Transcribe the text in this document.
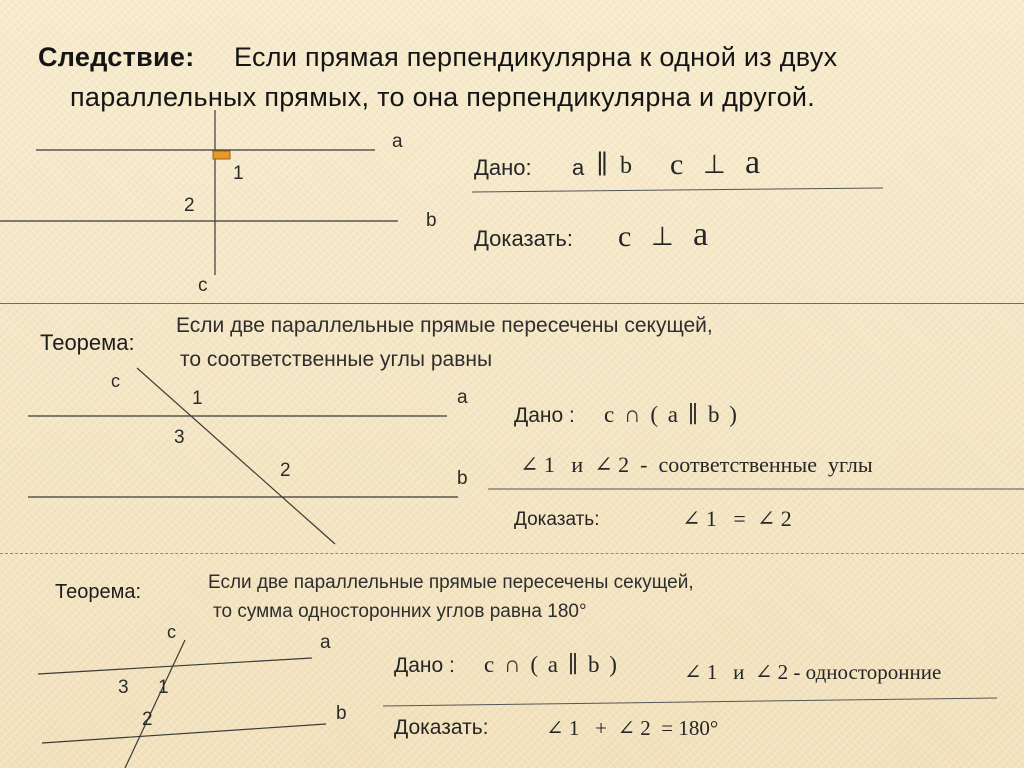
Следствие: Если прямая перпендикулярна к одной из двух
параллельных прямых, то она перпендикулярна и другой.
a
b
c
1
2
Дано: a ∥ b c ⊥ a
Доказать: c ⊥ a
Теорема:
Если две параллельные прямые пересечены секущей,
то соответственные углы равны
c
a
b
1
3
2
Дано : c ∩ ( a ∥ b )
∠ 1   и  ∠ 2  -  соответственные  углы
Доказать:	∠ 1   =  ∠ 2
Теорема:	Если две параллельные прямые пересечены секущей,
то сумма односторонних углов равна 180°
c	a
b
3 1
2
Дано : c ∩ ( a ∥ b )	∠ 1   и  ∠ 2 - односторонние
Доказать:	∠ 1   +  ∠ 2  = 180°
